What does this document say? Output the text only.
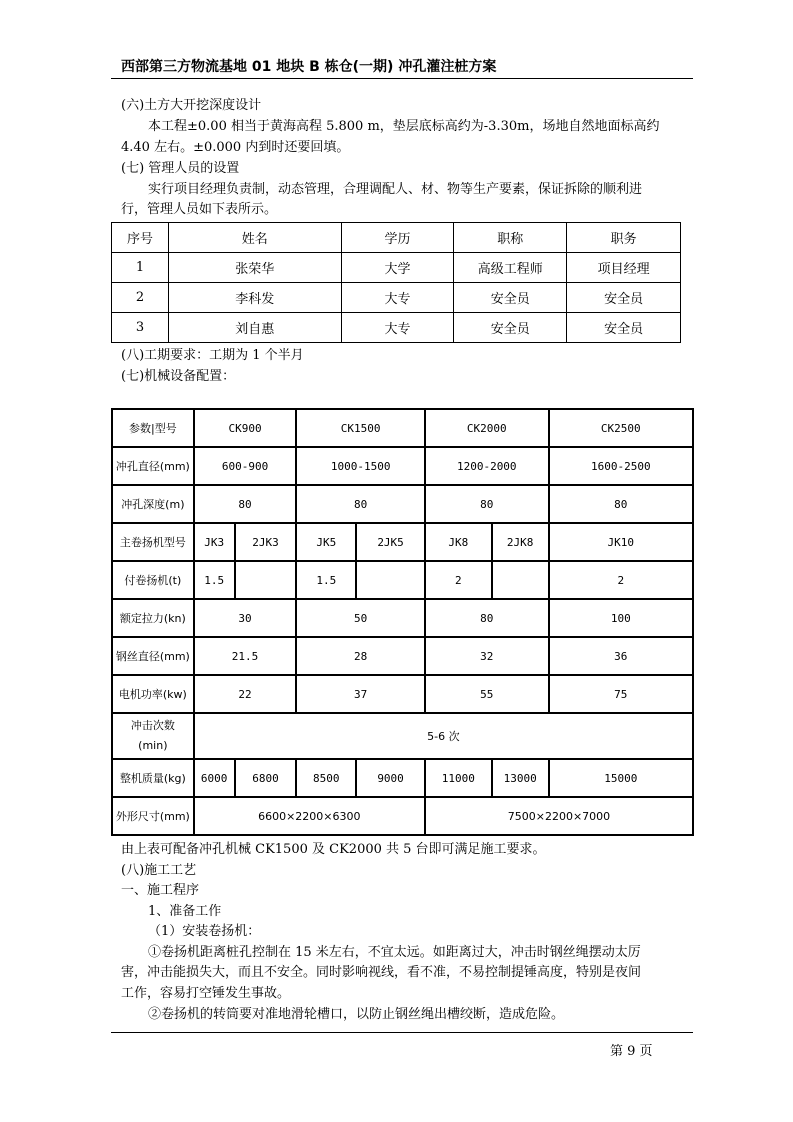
西部第三方物流基地 01 地块 B 栋仓(一期) 冲孔灌注桩方案
(六)土方大开挖深度设计
本工程±0.00 相当于黄海高程 5.800 m，垫层底标高约为-3.30m，场地自然地面标高约
4.40 左右。±0.000 内到时还要回填。
(七) 管理人员的设置
实行项目经理负责制，动态管理，合理调配人、材、物等生产要素，保证拆除的顺利进
行，管理人员如下表所示。
序号	姓名	学历	职称	职务
1	张荣华	大学	高级工程师	项目经理
2	李科发	大专	安全员	安全员
3	刘自惠	大专	安全员	安全员
(八)工期要求：工期为 1 个半月
(七)机械设备配置：
参数|型号	CK900		CK1500		CK2000		CK2500
冲孔直径(mm)	600-900		1000-1500		1200-2000		1600-2500
冲孔深度(m)	80		80		80		80
主卷扬机型号	JK3	2JK3	JK5	2JK5	JK8	2JK8	JK10
付卷扬机(t)	1.5		1.5		2		2
额定拉力(kn)	30		50		80		100
钢丝直径(mm)	21.5		28		32		36
电机功率(kw)	22		37		55		75

冲击次数
(min)	5-6 次						
整机质量(kg)	6000	6800	8500	9000	11000	13000	15000
外形尺寸(mm)	6600×2200×6300				7500×2200×7000		
由上表可配备冲孔机械 CK1500 及 CK2000 共 5 台即可满足施工要求。
(八)施工工艺
一、施工程序
1、准备工作
（1）安装卷扬机：
①卷扬机距离桩孔控制在 15 米左右，不宜太远。如距离过大，冲击时钢丝绳摆动太厉
害，冲击能损失大，而且不安全。同时影响视线，看不准，不易控制提锤高度，特别是夜间
工作，容易打空锤发生事故。
②卷扬机的转筒要对准地滑轮槽口，以防止钢丝绳出槽绞断，造成危险。
第 9 页
